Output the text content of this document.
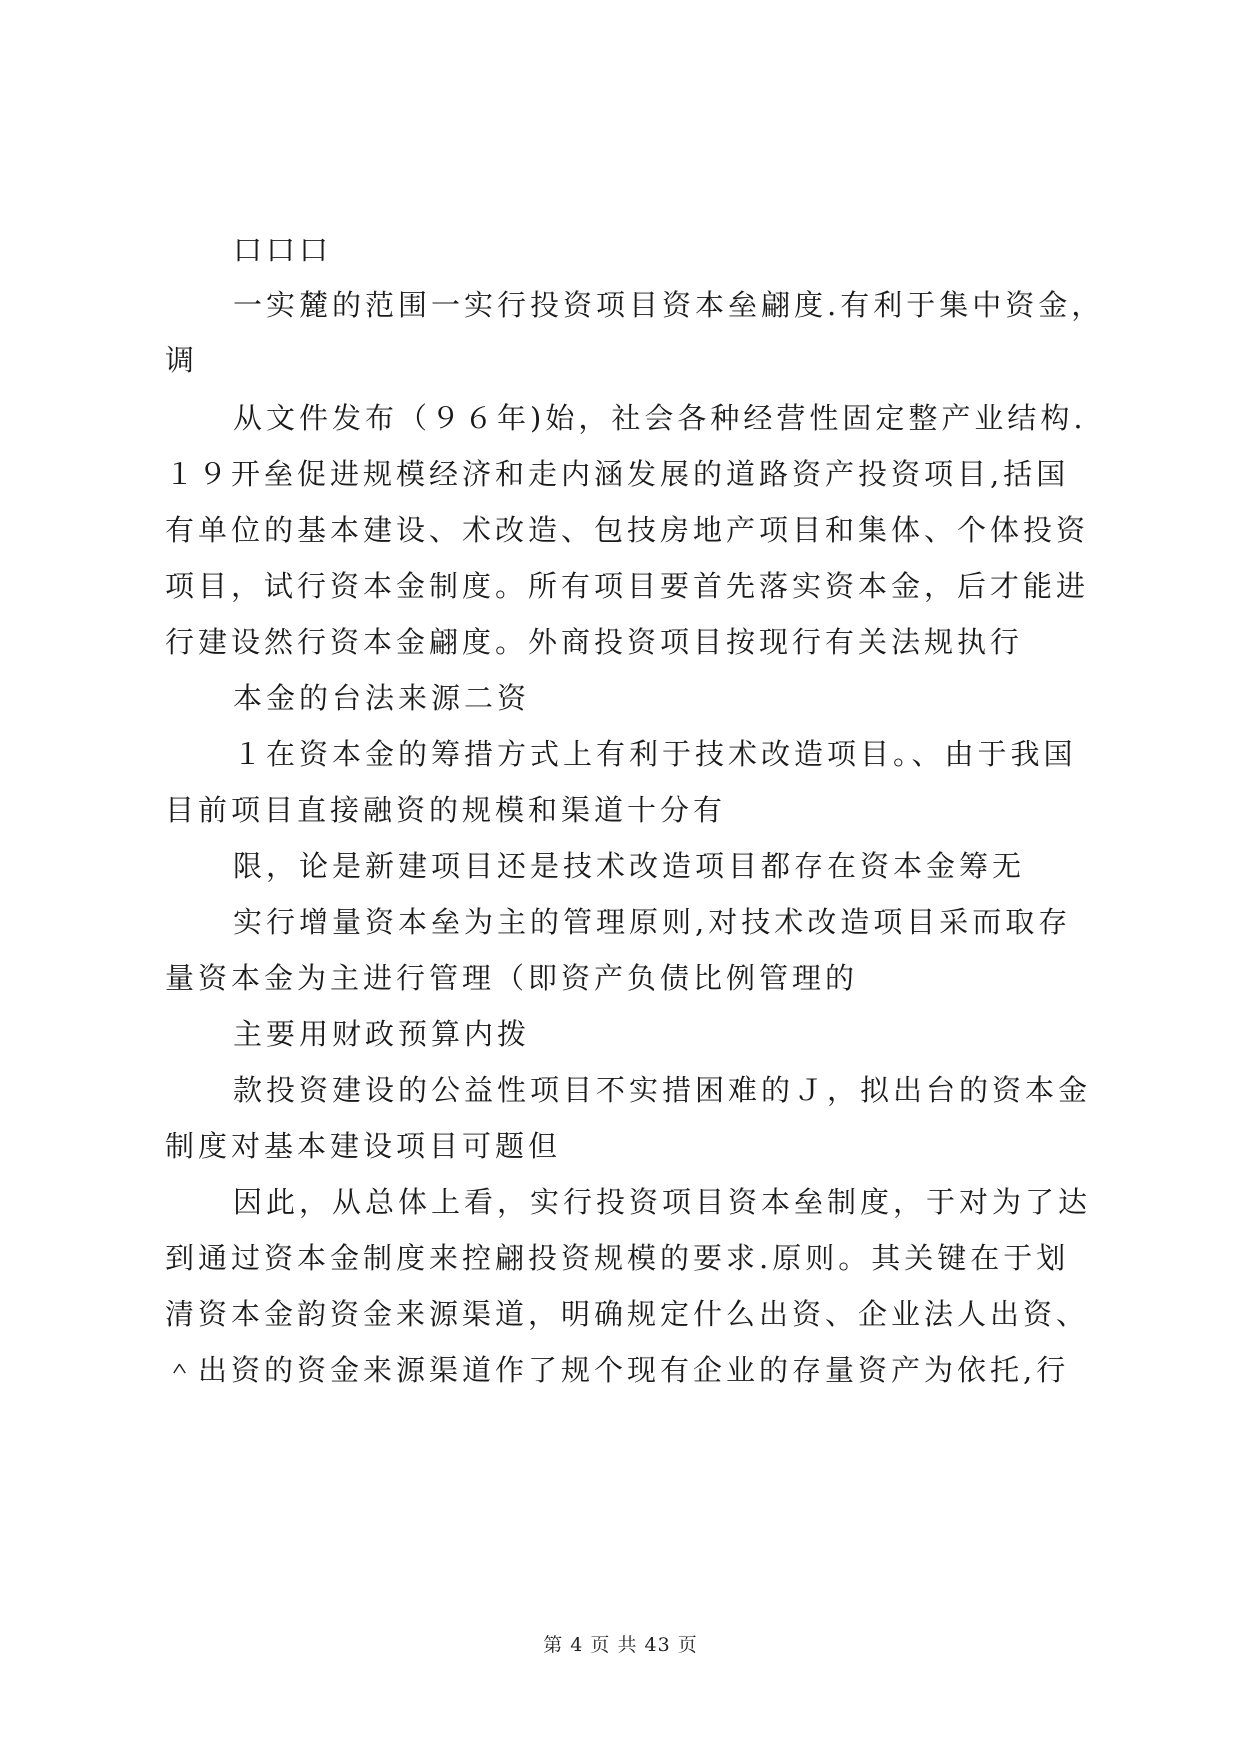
口口口
一实麓的范围一实行投资项目资本垒翩度.有利于集中资金，
调
从文件发布（９６年)始，社会各种经营性固定整产业结构.
１９开垒促进规模经济和走内涵发展的道路资产投资项目,括国
有单位的基本建设、术改造、包技房地产项目和集体、个体投资
项目，试行资本金制度。所有项目要首先落实资本金，后才能进
行建设然行资本金翩度。外商投资项目按现行有关法规执行
本金的台法来源二资
１在资本金的筹措方式上有利于技术改造项目。、由于我国
目前项目直接融资的规模和渠道十分有
限，论是新建项目还是技术改造项目都存在资本金筹无
实行增量资本垒为主的管理原则,对技术改造项目采而取存
量资本金为主进行管理（即资产负债比例管理的
主要用财政预算内拨
款投资建设的公益性项目不实措困难的Ｊ，拟出台的资本金
制度对基本建设项目可题但
因此，从总体上看，实行投资项目资本垒制度，于对为了达
到通过资本金制度来控翩投资规模的要求.原则。其关键在于划
清资本金韵资金来源渠道，明确规定什么出资、企业法人出资、
＾出资的资金来源渠道作了规个现有企业的存量资产为依托,行
第 4 页 共 43 页
